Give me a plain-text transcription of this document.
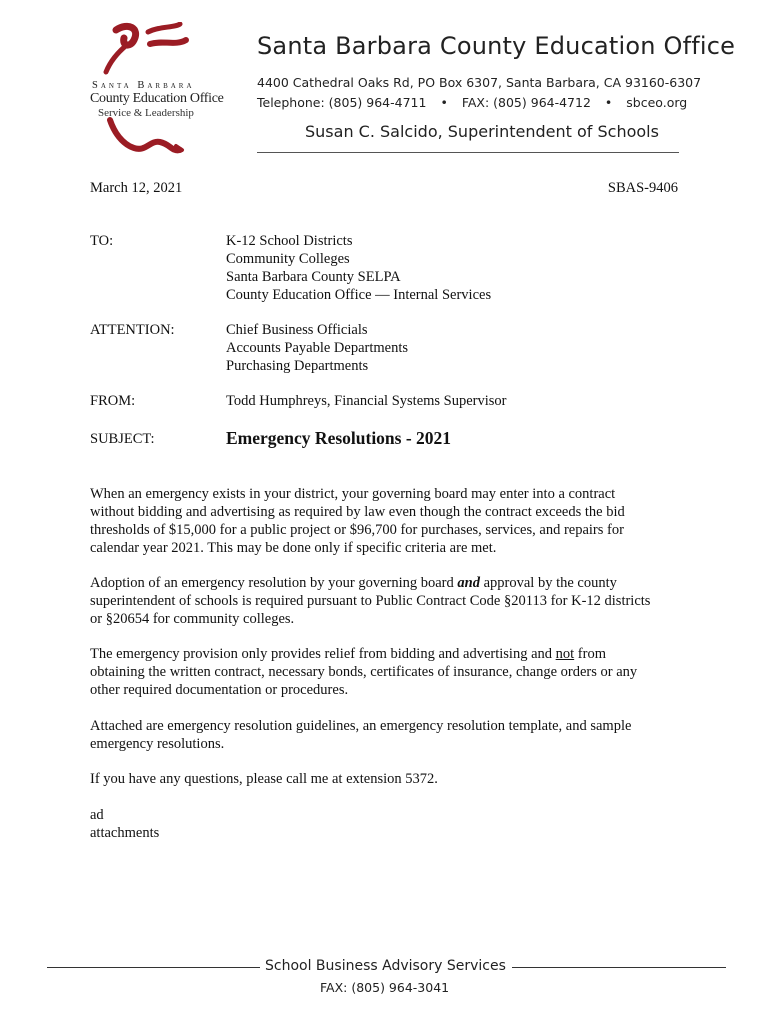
Santa Barbara
County Education Office
Service & Leadership
Santa Barbara County Education Office
4400 Cathedral Oaks Rd, PO Box 6307, Santa Barbara, CA 93160-6307
Telephone: (805) 964-4711 • FAX: (805) 964-4712 • sbceo.org
Susan C. Salcido, Superintendent of Schools
March 12, 2021	SBAS-9406
TO:	K-12 School Districts
Community Colleges
Santa Barbara County SELPA
County Education Office — Internal Services
ATTENTION:	Chief Business Officials
Accounts Payable Departments
Purchasing Departments
FROM:	Todd Humphreys, Financial Systems Supervisor
SUBJECT:	Emergency Resolutions - 2021
When an emergency exists in your district, your governing board may enter into a contract
without bidding and advertising as required by law even though the contract exceeds the bid
thresholds of $15,000 for a public project or $96,700 for purchases, services, and repairs for
calendar year 2021. This may be done only if specific criteria are met.
Adoption of an emergency resolution by your governing board and approval by the county
superintendent of schools is required pursuant to Public Contract Code §20113 for K-12 districts
or §20654 for community colleges.
The emergency provision only provides relief from bidding and advertising and not from
obtaining the written contract, necessary bonds, certificates of insurance, change orders or any
other required documentation or procedures.
Attached are emergency resolution guidelines, an emergency resolution template, and sample
emergency resolutions.
If you have any questions, please call me at extension 5372.
ad
attachments
School Business Advisory Services
FAX: (805) 964-3041
